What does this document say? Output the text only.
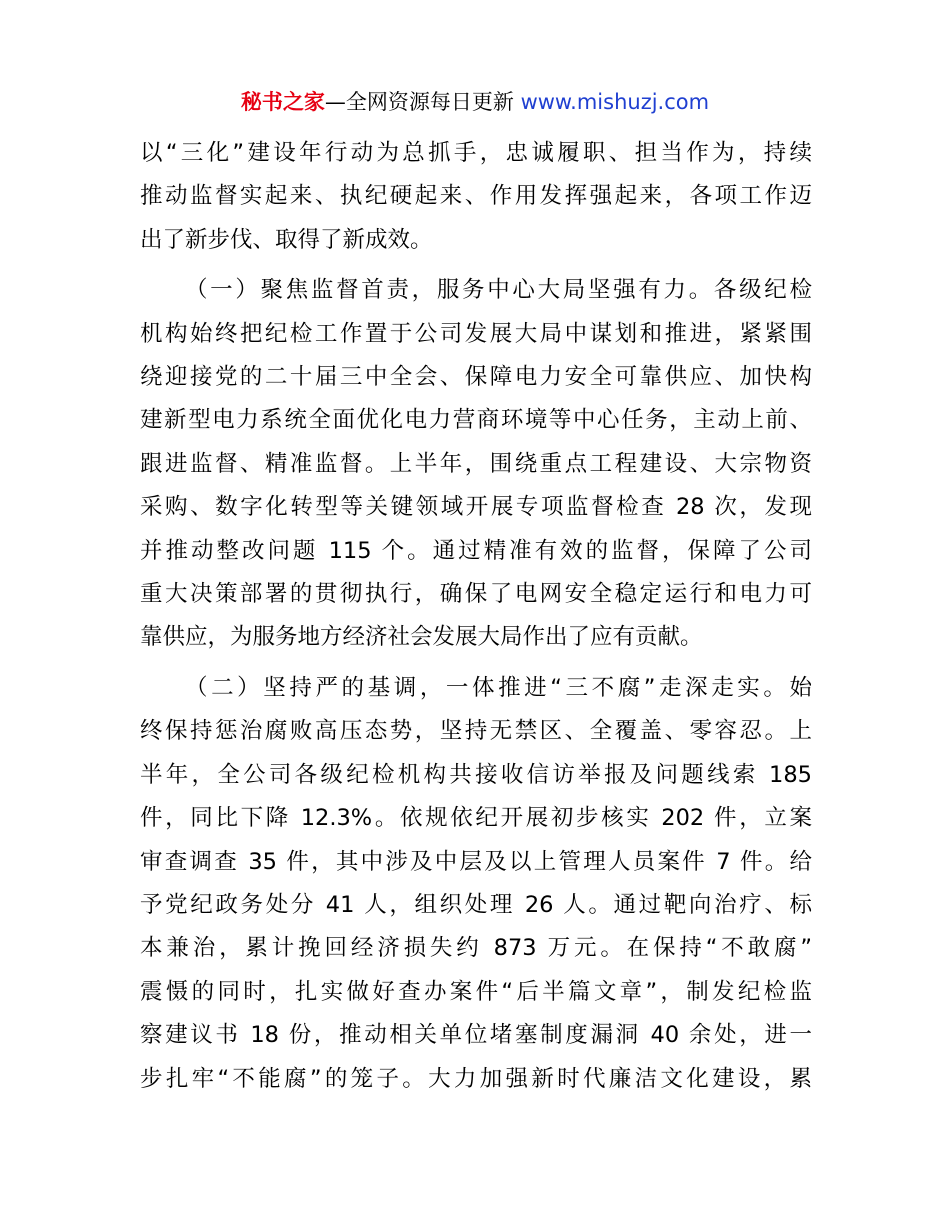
秘书之家—全网资源每日更新 www.mishuzj.com

以“三化”建设年行动为总抓手，忠诚履职、担当作为，持续
推动监督实起来、执纪硬起来、作用发挥强起来，各项工作迈
出了新步伐、取得了新成效。

（一）聚焦监督首责，服务中心大局坚强有力。各级纪检
机构始终把纪检工作置于公司发展大局中谋划和推进，紧紧围
绕迎接党的二十届三中全会、保障电力安全可靠供应、加快构
建新型电力系统全面优化电力营商环境等中心任务，主动上前、
跟进监督、精准监督。上半年，围绕重点工程建设、大宗物资
采购、数字化转型等关键领域开展专项监督检查 28 次，发现
并推动整改问题 115 个。通过精准有效的监督，保障了公司
重大决策部署的贯彻执行，确保了电网安全稳定运行和电力可
靠供应，为服务地方经济社会发展大局作出了应有贡献。

（二）坚持严的基调，一体推进“三不腐”走深走实。始
终保持惩治腐败高压态势，坚持无禁区、全覆盖、零容忍。上
半年，全公司各级纪检机构共接收信访举报及问题线索 185
件，同比下降 12.3%。依规依纪开展初步核实 202 件，立案
审查调查 35 件，其中涉及中层及以上管理人员案件 7 件。给
予党纪政务处分 41 人，组织处理 26 人。通过靶向治疗、标
本兼治，累计挽回经济损失约 873 万元。在保持“不敢腐”
震慑的同时，扎实做好查办案件“后半篇文章”，制发纪检监
察建议书 18 份，推动相关单位堵塞制度漏洞 40 余处，进一
步扎牢“不能腐”的笼子。大力加强新时代廉洁文化建设，累
